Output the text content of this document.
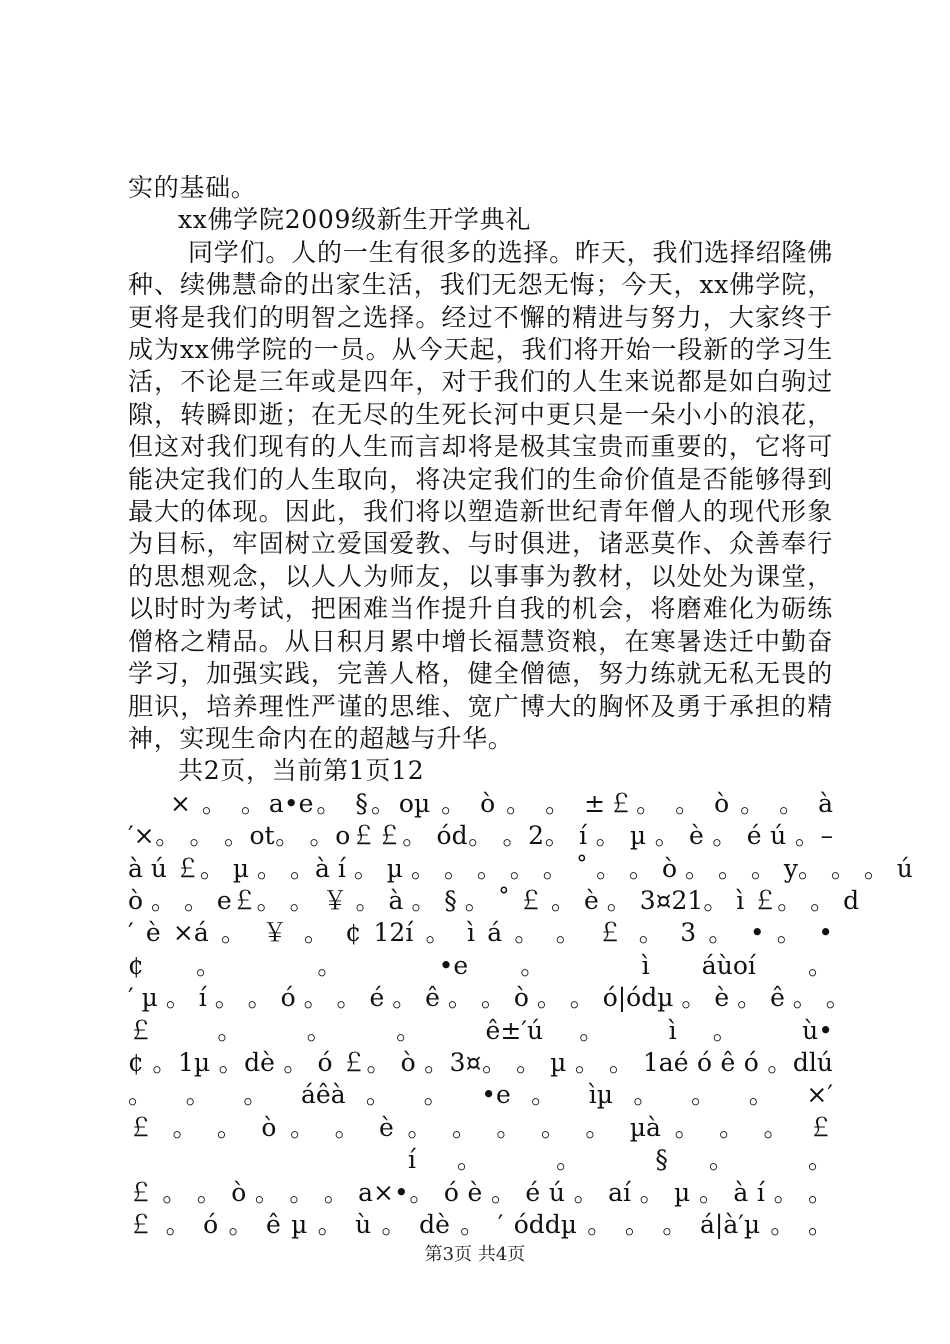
实的基础。
xx佛学院2009级新生开学典礼
同学们。人的一生有很多的选择。昨天，我们选择绍隆佛
种、续佛慧命的出家生活，我们无怨无悔；今天，xx佛学院，
更将是我们的明智之选择。经过不懈的精进与努力，大家终于
成为xx佛学院的一员。从今天起，我们将开始一段新的学习生
活，不论是三年或是四年，对于我们的人生来说都是如白驹过
隙，转瞬即逝；在无尽的生死长河中更只是一朵小小的浪花，
但这对我们现有的人生而言却将是极其宝贵而重要的，它将可
能决定我们的人生取向，将决定我们的生命价值是否能够得到
最大的体现。因此，我们将以塑造新世纪青年僧人的现代形象
为目标，牢固树立爱国爱教、与时俱进，诸恶莫作、众善奉行
的思想观念，以人人为师友，以事事为教材，以处处为课堂，
以时时为考试，把困难当作提升自我的机会，将磨难化为砺练
僧格之精品。从日积月累中增长福慧资粮，在寒暑迭迁中勤奋
学习，加强实践，完善人格，健全僧德，努力练就无私无畏的
胆识，培养理性严谨的思维、宽广博大的胸怀及勇于承担的精
神，实现生命内在的超越与升华。
共2页，当前第1页12
× 。 。a•e。 §。oµ 。 ò 。 。 ±￡。 。 ò 。 。 à
′×。 。 。ot。 。o￡￡。 ód。 。2。 í 。 µ 。 è 。 é ú 。–
à ú ￡。 µ 。 。à í 。 µ 。 。 。 。 。 ˚ 。 。 ò 。 。 。 y。 。 。 ú
ò 。 。 e￡。 。 ￥ 。 à 。 § 。 ˚ ￡ 。 è 。 3¤21。 ì ￡。 。 d
′ è ×á 。 ￥ 。 ¢ 12í 。 ì á 。 。 ￡ 。 3 。 • 。 •
¢ 。 。 •e 。 ì áùoí 。
′ µ 。 í 。 。 ó 。 。 é 。 ê 。 。 ò 。 。 ó|ódµ 。 è 。 ê 。 。
￡ 。 。 。 ê±′ú 。 ì 。 ù•
¢ 。1µ 。dè 。 ó ￡。 ò 。3¤。 。 µ 。 。 1aé ó ê ó 。dlú
。 。 。 áêà 。 。 •e 。 ìµ 。 。 。 ×′
￡ 。 。 ò 。 。 è 。 。 。 。 。 µà 。 。 。 ￡
í 。 。 § 。 。
￡ 。 。 ò 。 。 。 a×•。 ó è 。 é ú 。 aí 。 µ 。 à í 。 。
￡ 。 ó 。 ê µ 。 ù 。 dè 。 ′ óddµ 。 。 。 á|à′µ 。 。
第3页 共4页
